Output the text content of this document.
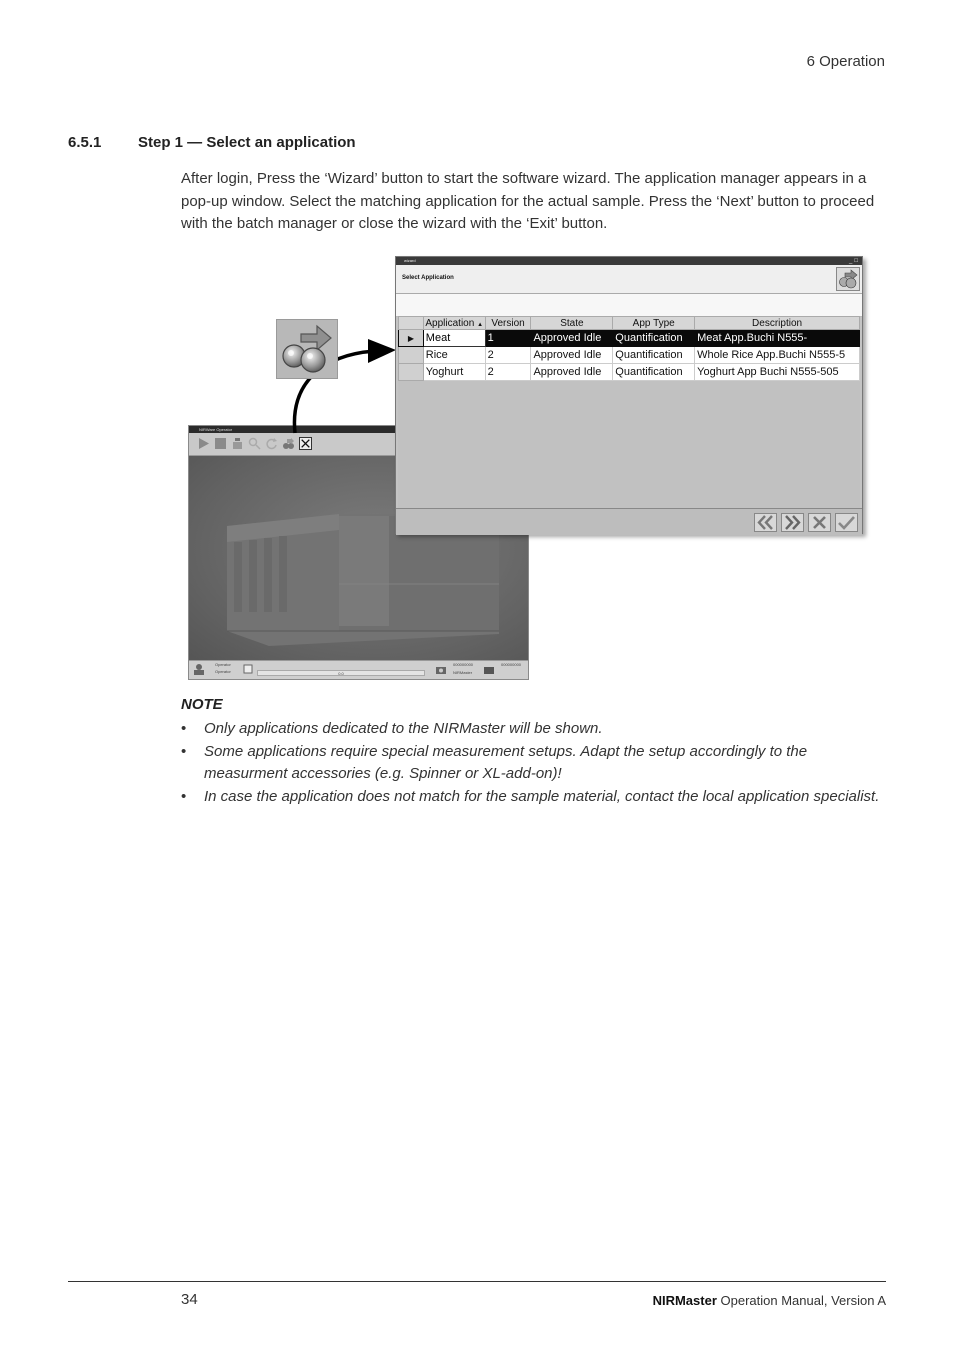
6 Operation
6.5.1 Step 1 — Select an application
After login, Press the ‘Wizard’ button to start the software wizard. The application manager appears in a pop-up window. Select the matching application for the actual sample. Press the ‘Next’ button to proceed with the batch manager or close the wizard with the ‘Exit’ button.
NIRWare Operator
Operator
Operator	0.0
000000000
NIRMaster
000000000
wizard	_□
Select Application
	Application ▲	Version	State	App Type	Description
▶	Meat	1	Approved Idle	Quantification	Meat App.Buchi N555-
	Rice	2	Approved Idle	Quantification	Whole Rice App.Buchi N555-5
	Yoghurt	2	Approved Idle	Quantification	Yoghurt App Buchi N555-505
NOTE
• Only applications dedicated to the NIRMaster will be shown.
• Some applications require special measurement setups. Adapt the setup accordingly to the measurment accessories (e.g. Spinner or XL-add-on)!
• In case the application does not match for the sample material, contact the local application specialist.
34	NIRMaster Operation Manual, Version A
